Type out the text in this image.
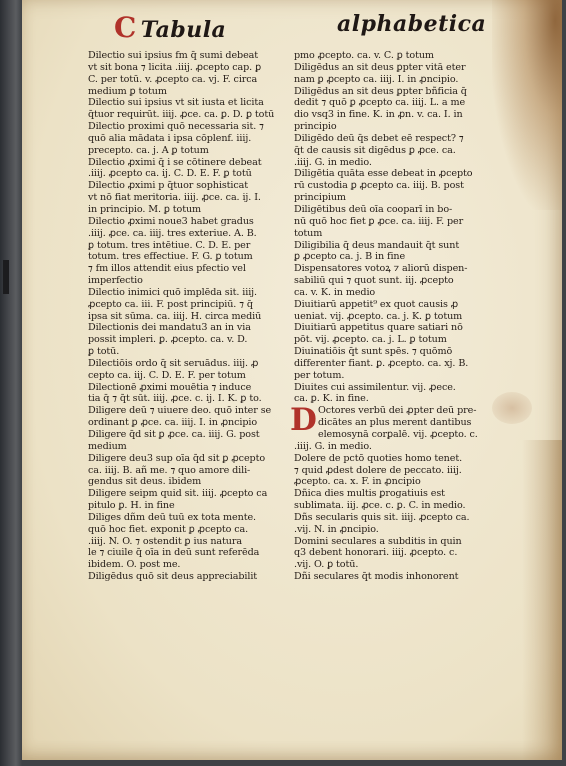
C Tabula	alphabetica
Dilectio sui ipsius fm q̄ sumi debeat
vt sit bona ⁊ licita .iiij. ꝓcepto cap. ꝑ
C. per totū. v. ꝓcepto ca. vj. F. circa
medium ꝑ totum
Dilectio sui ipsius vt sit iusta et licita
q̄tuor requirūt. iiij. ꝓce. ca. ꝑ. D. ꝑ totū
Dilectio proximi quō necessaria sit. ⁊
quō alia mādata i ipsa cōplenf. iiij.
precepto. ca. j. A ꝑ totum
Dilectio ꝓximi q̄ i se cōtinere debeat
.iiij. ꝓcepto ca. ij. C. D. E. F. ꝑ totū
Dilectio ꝓximi p q̄tuor sophisticat
vt nō fiat meritoria. iiij. ꝓce. ca. ij. I.
in principio. M. ꝑ totum
Dilectio ꝓximi noue3 habet gradus
.iiij. ꝓce. ca. iiij. tres exteriue. A. B.
ꝑ totum. tres intētiue. C. D. E. per
totum. tres effectiue. F. G. ꝑ totum
⁊ fm illos attendit eius pfectio vel
imperfectio
Dilectio inimici quō implēda sit. iiij.
ꝓcepto ca. iii. F. post principiū. ⁊ q̄
ipsa sit sūma. ca. iiij. H. circa mediū
Dilectionis dei mandatu3 an in via
possit impleri. ꝑ. ꝓcepto. ca. v. D.
ꝑ totū.
Dilectiōis ordo q̄ sit seruādus. iiij. ꝓ
cepto ca. iij. C. D. E. F. per totum
Dilectionē ꝓximi mouētia ⁊ induce
tia q̄ ⁊ q̄t sūt. iiij. ꝓce. c. ij. I. K. ꝑ to.
Diligere deū ⁊ uiuere deo. quō inter se
ordinant ꝑ ꝓce. ca. iiij. I. in ꝓncipio
Diligere q̄d sit ꝑ ꝓce. ca. iiij. G. post
medium
Diligere deu3 sup oīa q̄d sit ꝑ ꝓcepto
ca. iiij. B. añ me. ⁊ quo amore dili-
gendus sit deus. ibidem
Diligere seipm quid sit. iiij. ꝓcepto ca
pitulo ꝑ. H. in fine
Diliges dñm deū tuū ex tota mente.
quō hoc fiet. exponit ꝑ ꝓcepto ca.
.iiij. N. O. ⁊ ostendit ꝑ ius natura
le ⁊ ciuile q̄ oīa in deū sunt referēda
ibidem. O. post me.
Diligēdus quō sit deus appreciabilit
pmo ꝓcepto. ca. v. C. ꝑ totum
Diligēdus an sit deus ꝑpter vitā eter
nam ꝑ ꝓcepto ca. iiij. I. in ꝓncipio.
Diligēdus an sit deus ꝑpter bñficia q̄
dedit ⁊ quō ꝑ ꝓcepto ca. iiij. L. a me
dio vsq3 in fine. K. in ꝓn. v. ca. I. in
principio
Diligēdo deū q̄s debet eē respect? ⁊
q̄t de causis sit digēdus ꝑ ꝓce. ca.
.iiij. G. in medio.
Diligētia quāta esse debeat in ꝓcepto
rū custodia ꝑ ꝓcepto ca. iiij. B. post
principium
Diligētibus deū oīa cooparī in bo-
nū quō hoc fiet ꝑ ꝓce. ca. iiij. F. per
totum
Diligibilia q̄ deus mandauit q̄t sunt
ꝑ ꝓcepto ca. j. B in fine
Dispensatores votoꝝ ⁊ aliorū dispen-
sabiliū qui ⁊ quot sunt. iij. ꝓcepto
ca. v. K. in medio
Diuitiarū appetit⁹ ex quot causis ꝓ
ueniat. vij. ꝓcepto. ca. j. K. ꝑ totum
Diuitiarū appetitus quare satiari nō
pōt. vij. ꝓcepto. ca. j. L. ꝑ totum
Diuinatiōis q̄t sunt spēs. ⁊ quōmō
differenter fiant. ꝑ. ꝓcepto. ca. xj. B.
per totum.
Diuites cui assimilentur. vij. ꝓece.
ca. ꝑ. K. in fine.
Octores verbū dei ꝓpter deū pre-
D dicātes an plus merent dantibus
elemosynā corꝑalē. vij. ꝓcepto. c.
.iiij. G. in medio.
Dolere de pctō quoties homo tenet.
⁊ quid ꝓdest dolere de peccato. iiij.
ꝓcepto. ca. x. F. in ꝓncipio
Dñica dies multis ꝑrogatiuis est
sublimata. iij. ꝓce. c. ꝑ. C. in medio.
Dñs secularis quis sit. iiij. ꝓcepto ca.
.vij. N. in ꝓncipio.
Domini seculares a subditis in quin
q3 debent honorari. iiij. ꝓcepto. c.
.vij. O. ꝑ totū.
Dñi seculares q̄t modis inhonorent
